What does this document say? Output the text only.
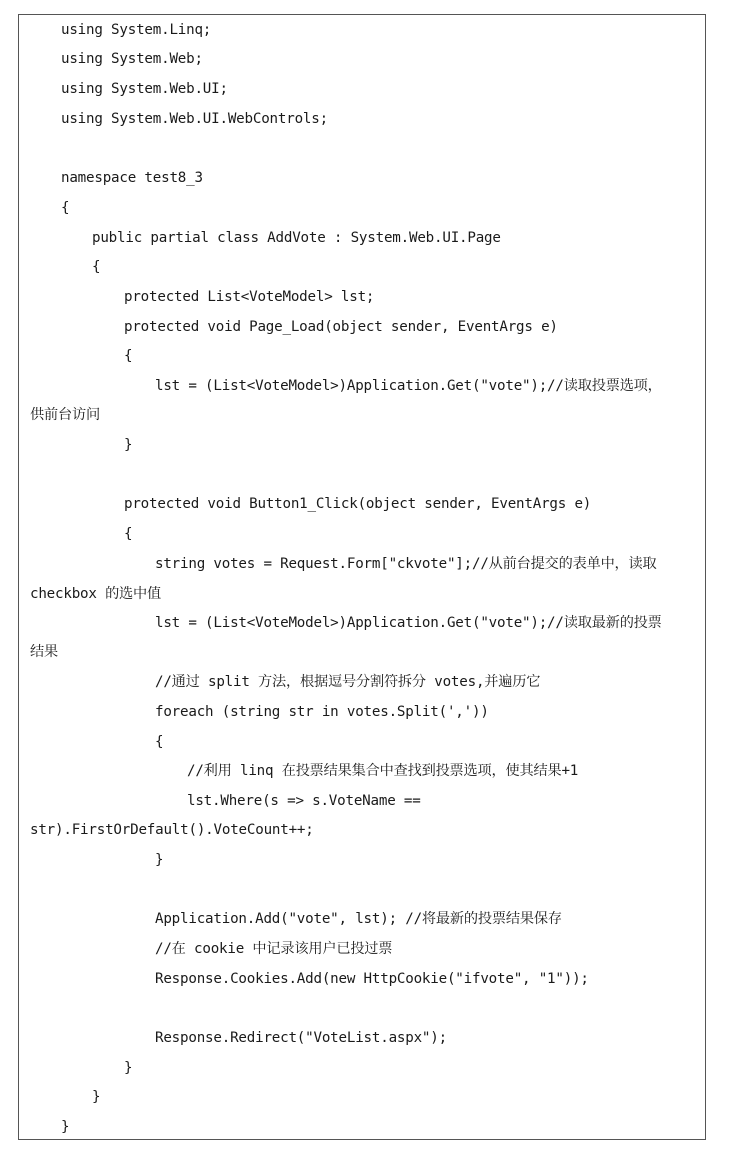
using System.Linq;
using System.Web;
using System.Web.UI;
using System.Web.UI.WebControls;
namespace test8_3
{
public partial class AddVote : System.Web.UI.Page
{
protected List<VoteModel> lst;
protected void Page_Load(object sender, EventArgs e)
{
lst = (List<VoteModel>)Application.Get("vote");//读取投票选项，
供前台访问
}
protected void Button1_Click(object sender, EventArgs e)
{
string votes = Request.Form["ckvote"];//从前台提交的表单中，读取
checkbox 的选中值
lst = (List<VoteModel>)Application.Get("vote");//读取最新的投票
结果
//通过 split 方法，根据逗号分割符拆分 votes,并遍历它
foreach (string str in votes.Split(','))
{
//利用 linq 在投票结果集合中查找到投票选项，使其结果+1
lst.Where(s => s.VoteName ==
str).FirstOrDefault().VoteCount++;
}
Application.Add("vote", lst); //将最新的投票结果保存
//在 cookie 中记录该用户已投过票
Response.Cookies.Add(new HttpCookie("ifvote", "1"));
Response.Redirect("VoteList.aspx");
}
}
}
